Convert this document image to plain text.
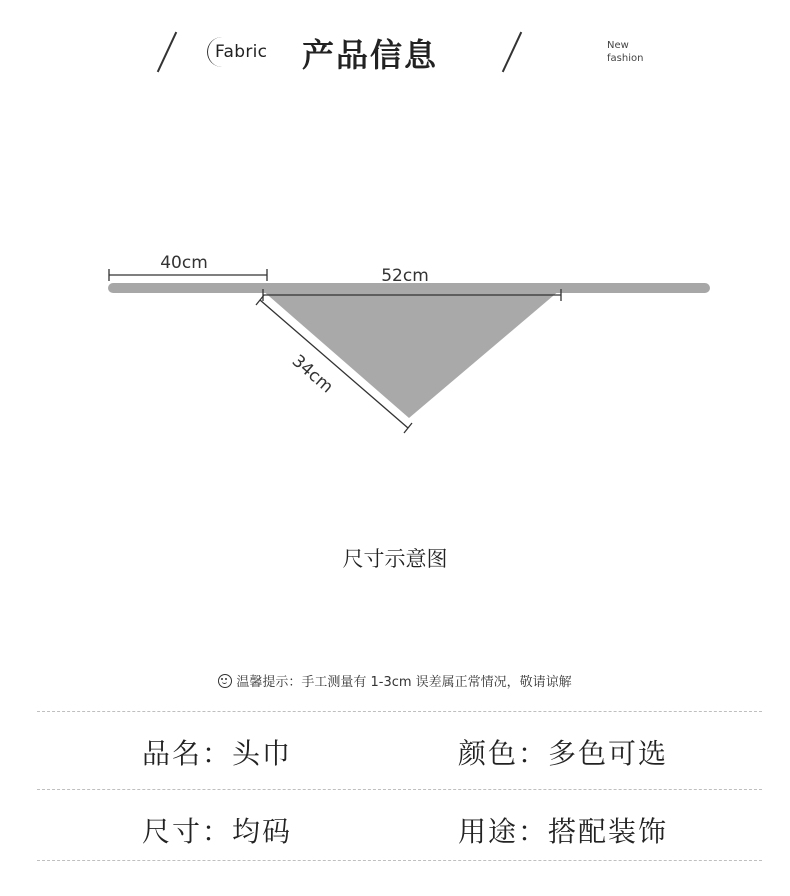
Fabric 产品信息	New
fashion
40cm
52cm
34cm
尺寸示意图
温馨提示：手工测量有 1-3cm 误差属正常情况，敬请谅解
品名：头巾	颜色：多色可选
尺寸：均码	用途：搭配装饰
